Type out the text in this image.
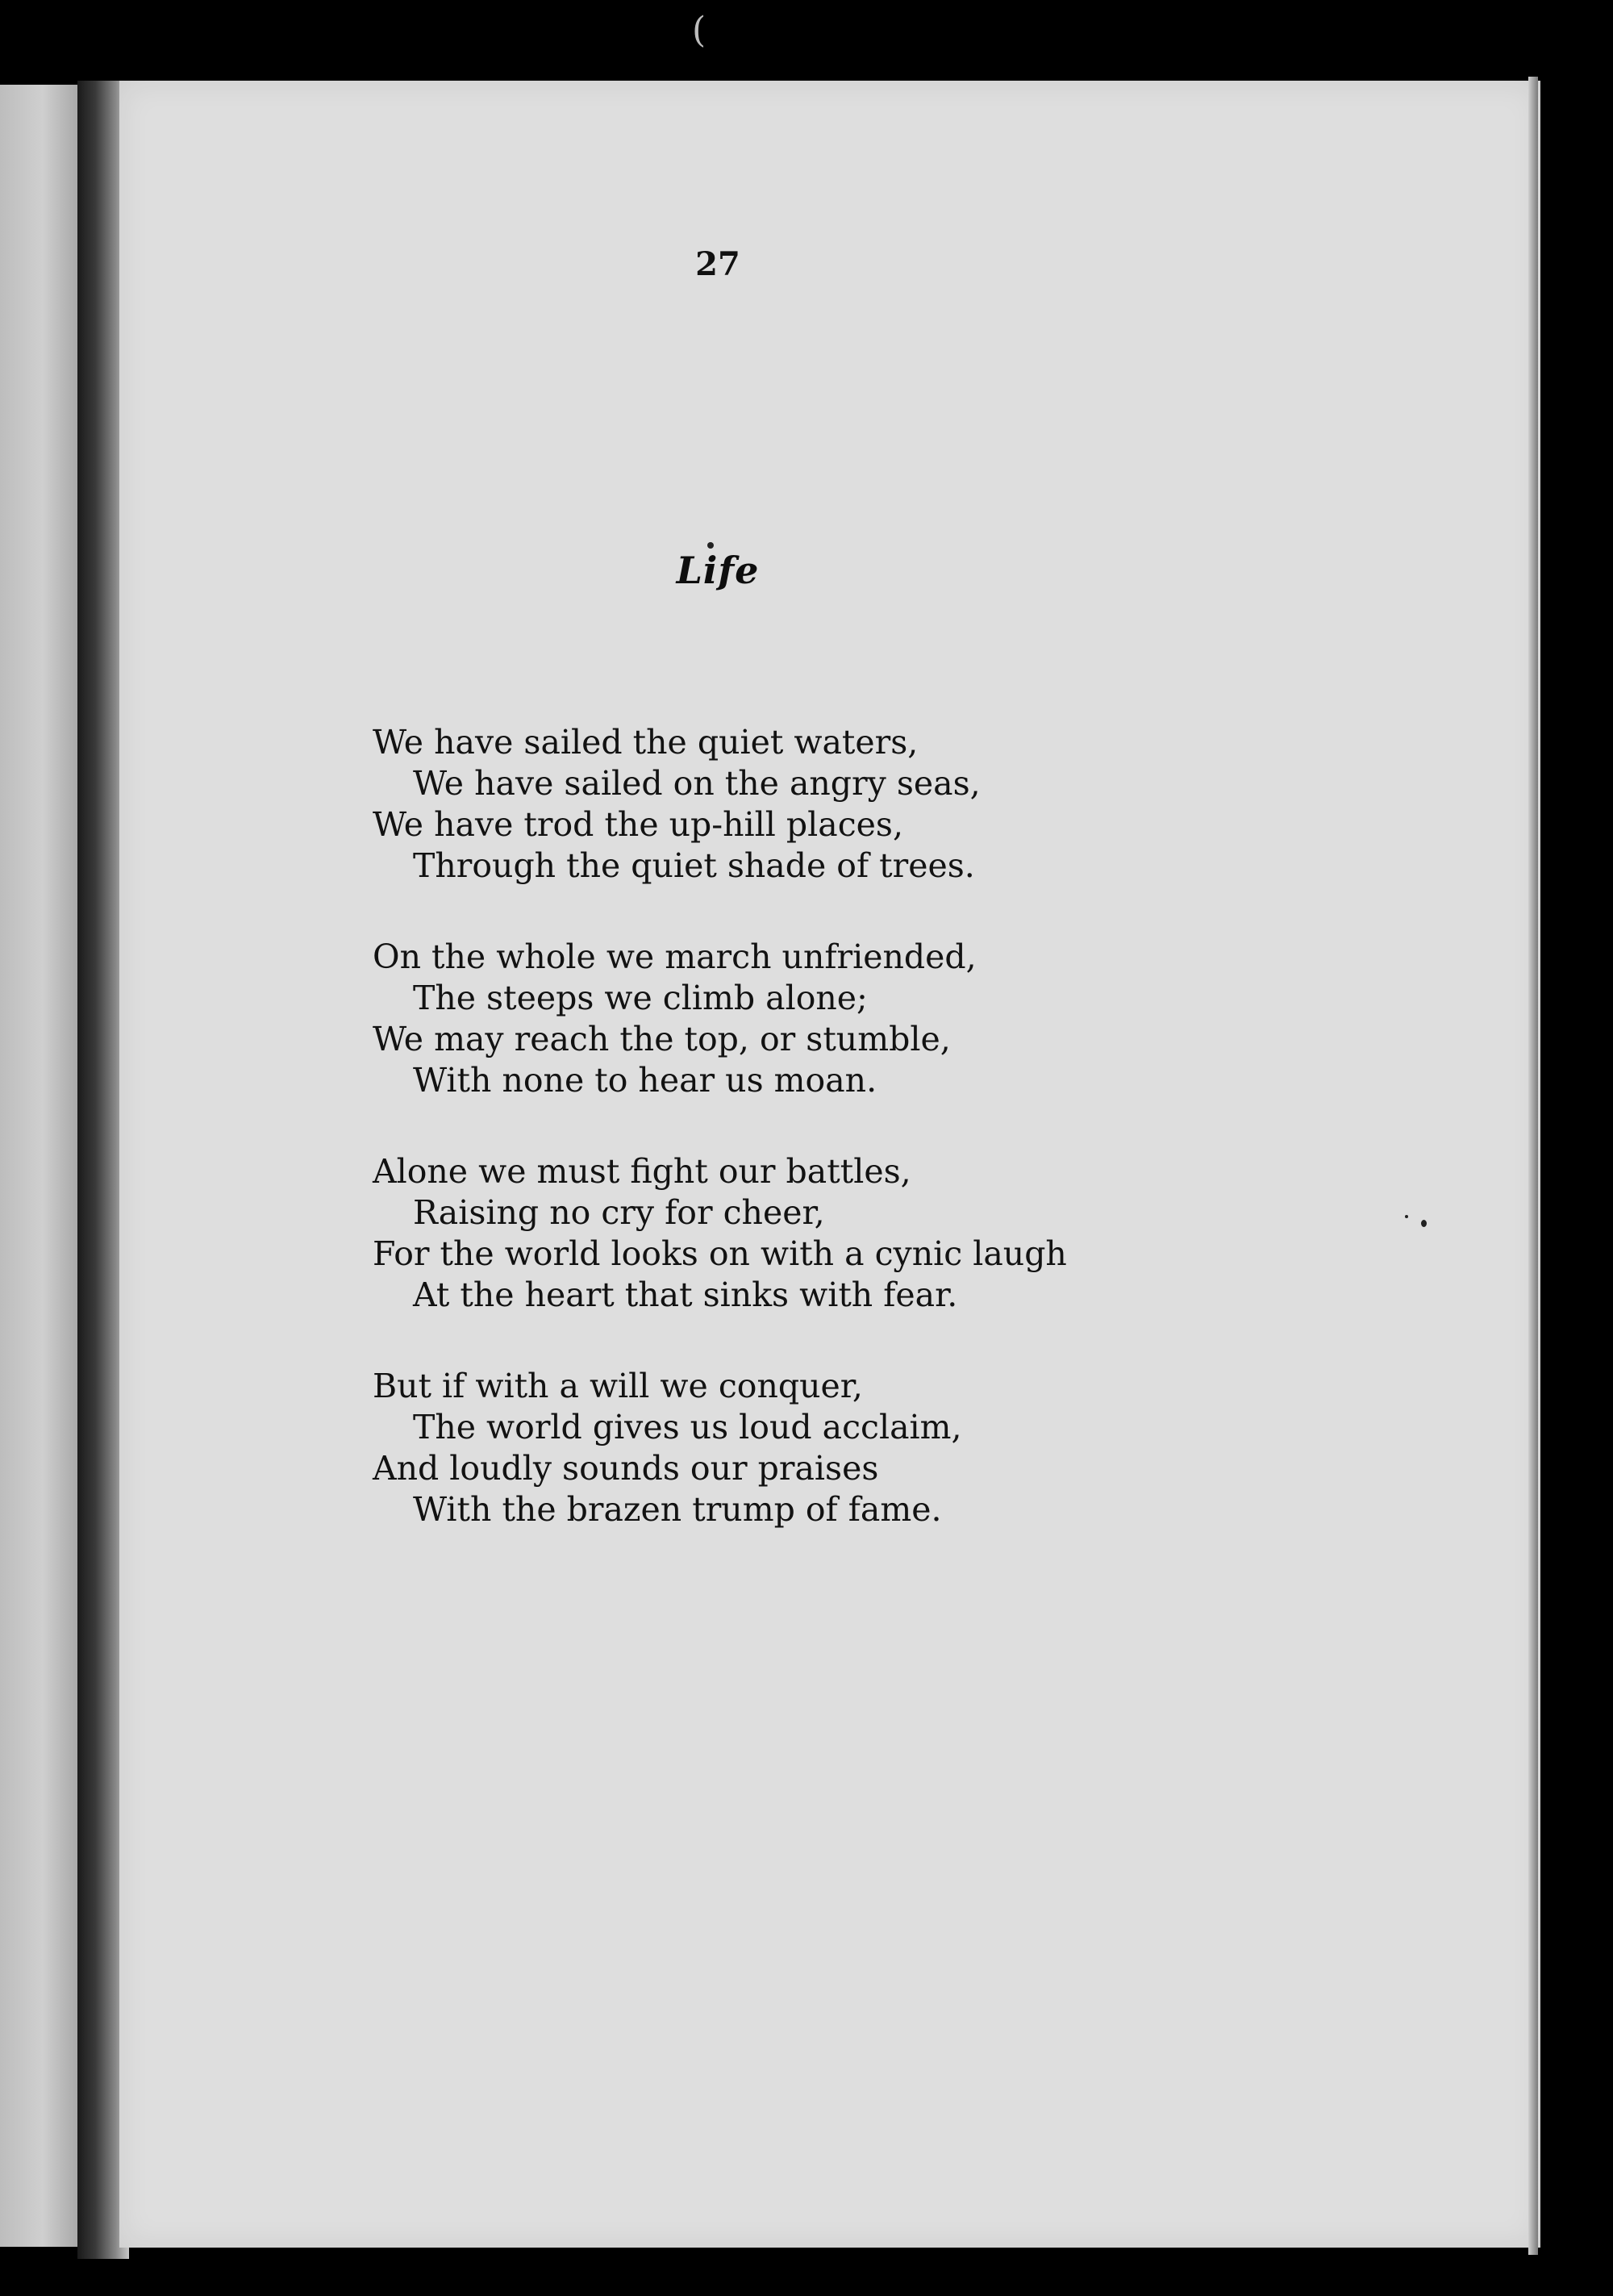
(
27
Life
We have sailed the quiet waters,
We have sailed on the angry seas,
We have trod the up-hill places,
Through the quiet shade of trees.
On the whole we march unfriended,
The steeps we climb alone;
We may reach the top, or stumble,
With none to hear us moan.
Alone we must fight our battles,
Raising no cry for cheer,
For the world looks on with a cynic laugh
At the heart that sinks with fear.
But if with a will we conquer,
The world gives us loud acclaim,
And loudly sounds our praises
With the brazen trump of fame.
